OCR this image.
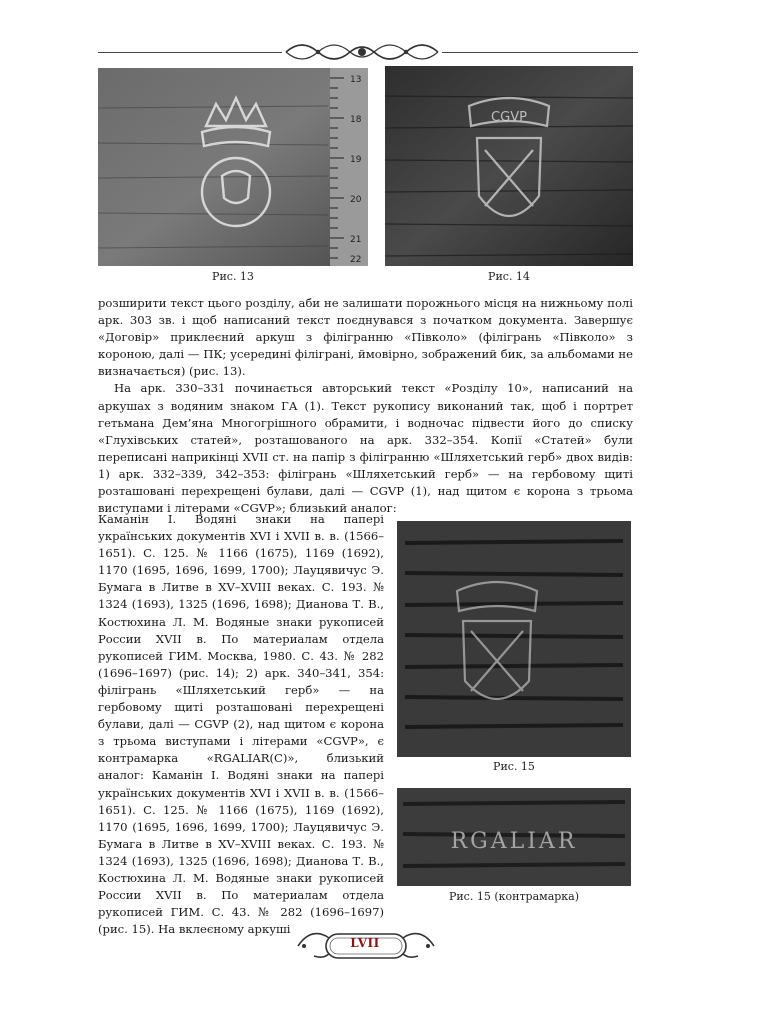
13
18
19
20
21
22
Рис. 13
CGVP
Рис. 14

розширити текст цього розділу, аби не залишати порожнього місця на нижньому полі арк. 303 зв. і щоб написаний текст поєднувався з початком документа. Завершує «Договір» приклеєний аркуш з філігранню «Півколо» (філігрань «Півколо» з короною, далі — ПК; усередині філіграні, ймовірно, зображений бик, за альбомами не визначається) (рис. 13).

На арк. 330–331 починається авторський текст «Розділу 10», написаний на аркушах з водяним знаком ГА (1). Текст рукопису виконаний так, щоб і портрет гетьмана Дем’яна Многогрішного обрамити, і водночас підвести його до списку «Глухівських статей», розташованого на арк. 332–354. Копії «Статей» були переписані наприкінці XVII ст. на папір з філігранню «Шляхетський герб» двох видів: 1) арк. 332–339, 342–353: філігрань «Шляхетський герб» — на гербовому щиті розташовані перехрещені булави, далі — CGVP (1), над щитом є корона з трьома виступами і літерами «CGVP»; близький аналог:

Каманін І. Водяні знаки на папері українських документів XVI і XVII в. в. (1566–1651). С. 125. № 1166 (1675), 1169 (1692), 1170 (1695, 1696, 1699, 1700); Лауцявичус Э. Бумага в Литве в XV–XVIII веках. С. 193. № 1324 (1693), 1325 (1696, 1698); Дианова Т. В., Костюхина Л. М. Водяные знаки рукописей России XVII в. По материалам отдела рукописей ГИМ. Москва, 1980. С. 43. № 282 (1696–1697) (рис. 14); 2) арк. 340–341, 354: філігрань «Шляхетський герб» — на гербовому щиті розташовані перехрещені булави, далі — CGVP (2), над щитом є корона з трьома виступами і літерами «CGVP», є контрамарка «RGALIAR(C)», близький аналог: Каманін І. Водяні знаки на папері українських документів XVI і XVII в. в. (1566–1651). С. 125. № 1166 (1675), 1169 (1692), 1170 (1695, 1696, 1699, 1700); Лауцявичус Э. Бумага в Литве в XV–XVIII веках. С. 193. № 1324 (1693), 1325 (1696, 1698); Дианова Т. В., Костюхина Л. М. Водяные знаки рукописей России XVII в. По материалам отдела рукописей ГИМ. С. 43. № 282 (1696–1697) (рис. 15). На вклеєному аркуші

Рис. 15
RGALIAR
Рис. 15 (контрамарка)
LVII
